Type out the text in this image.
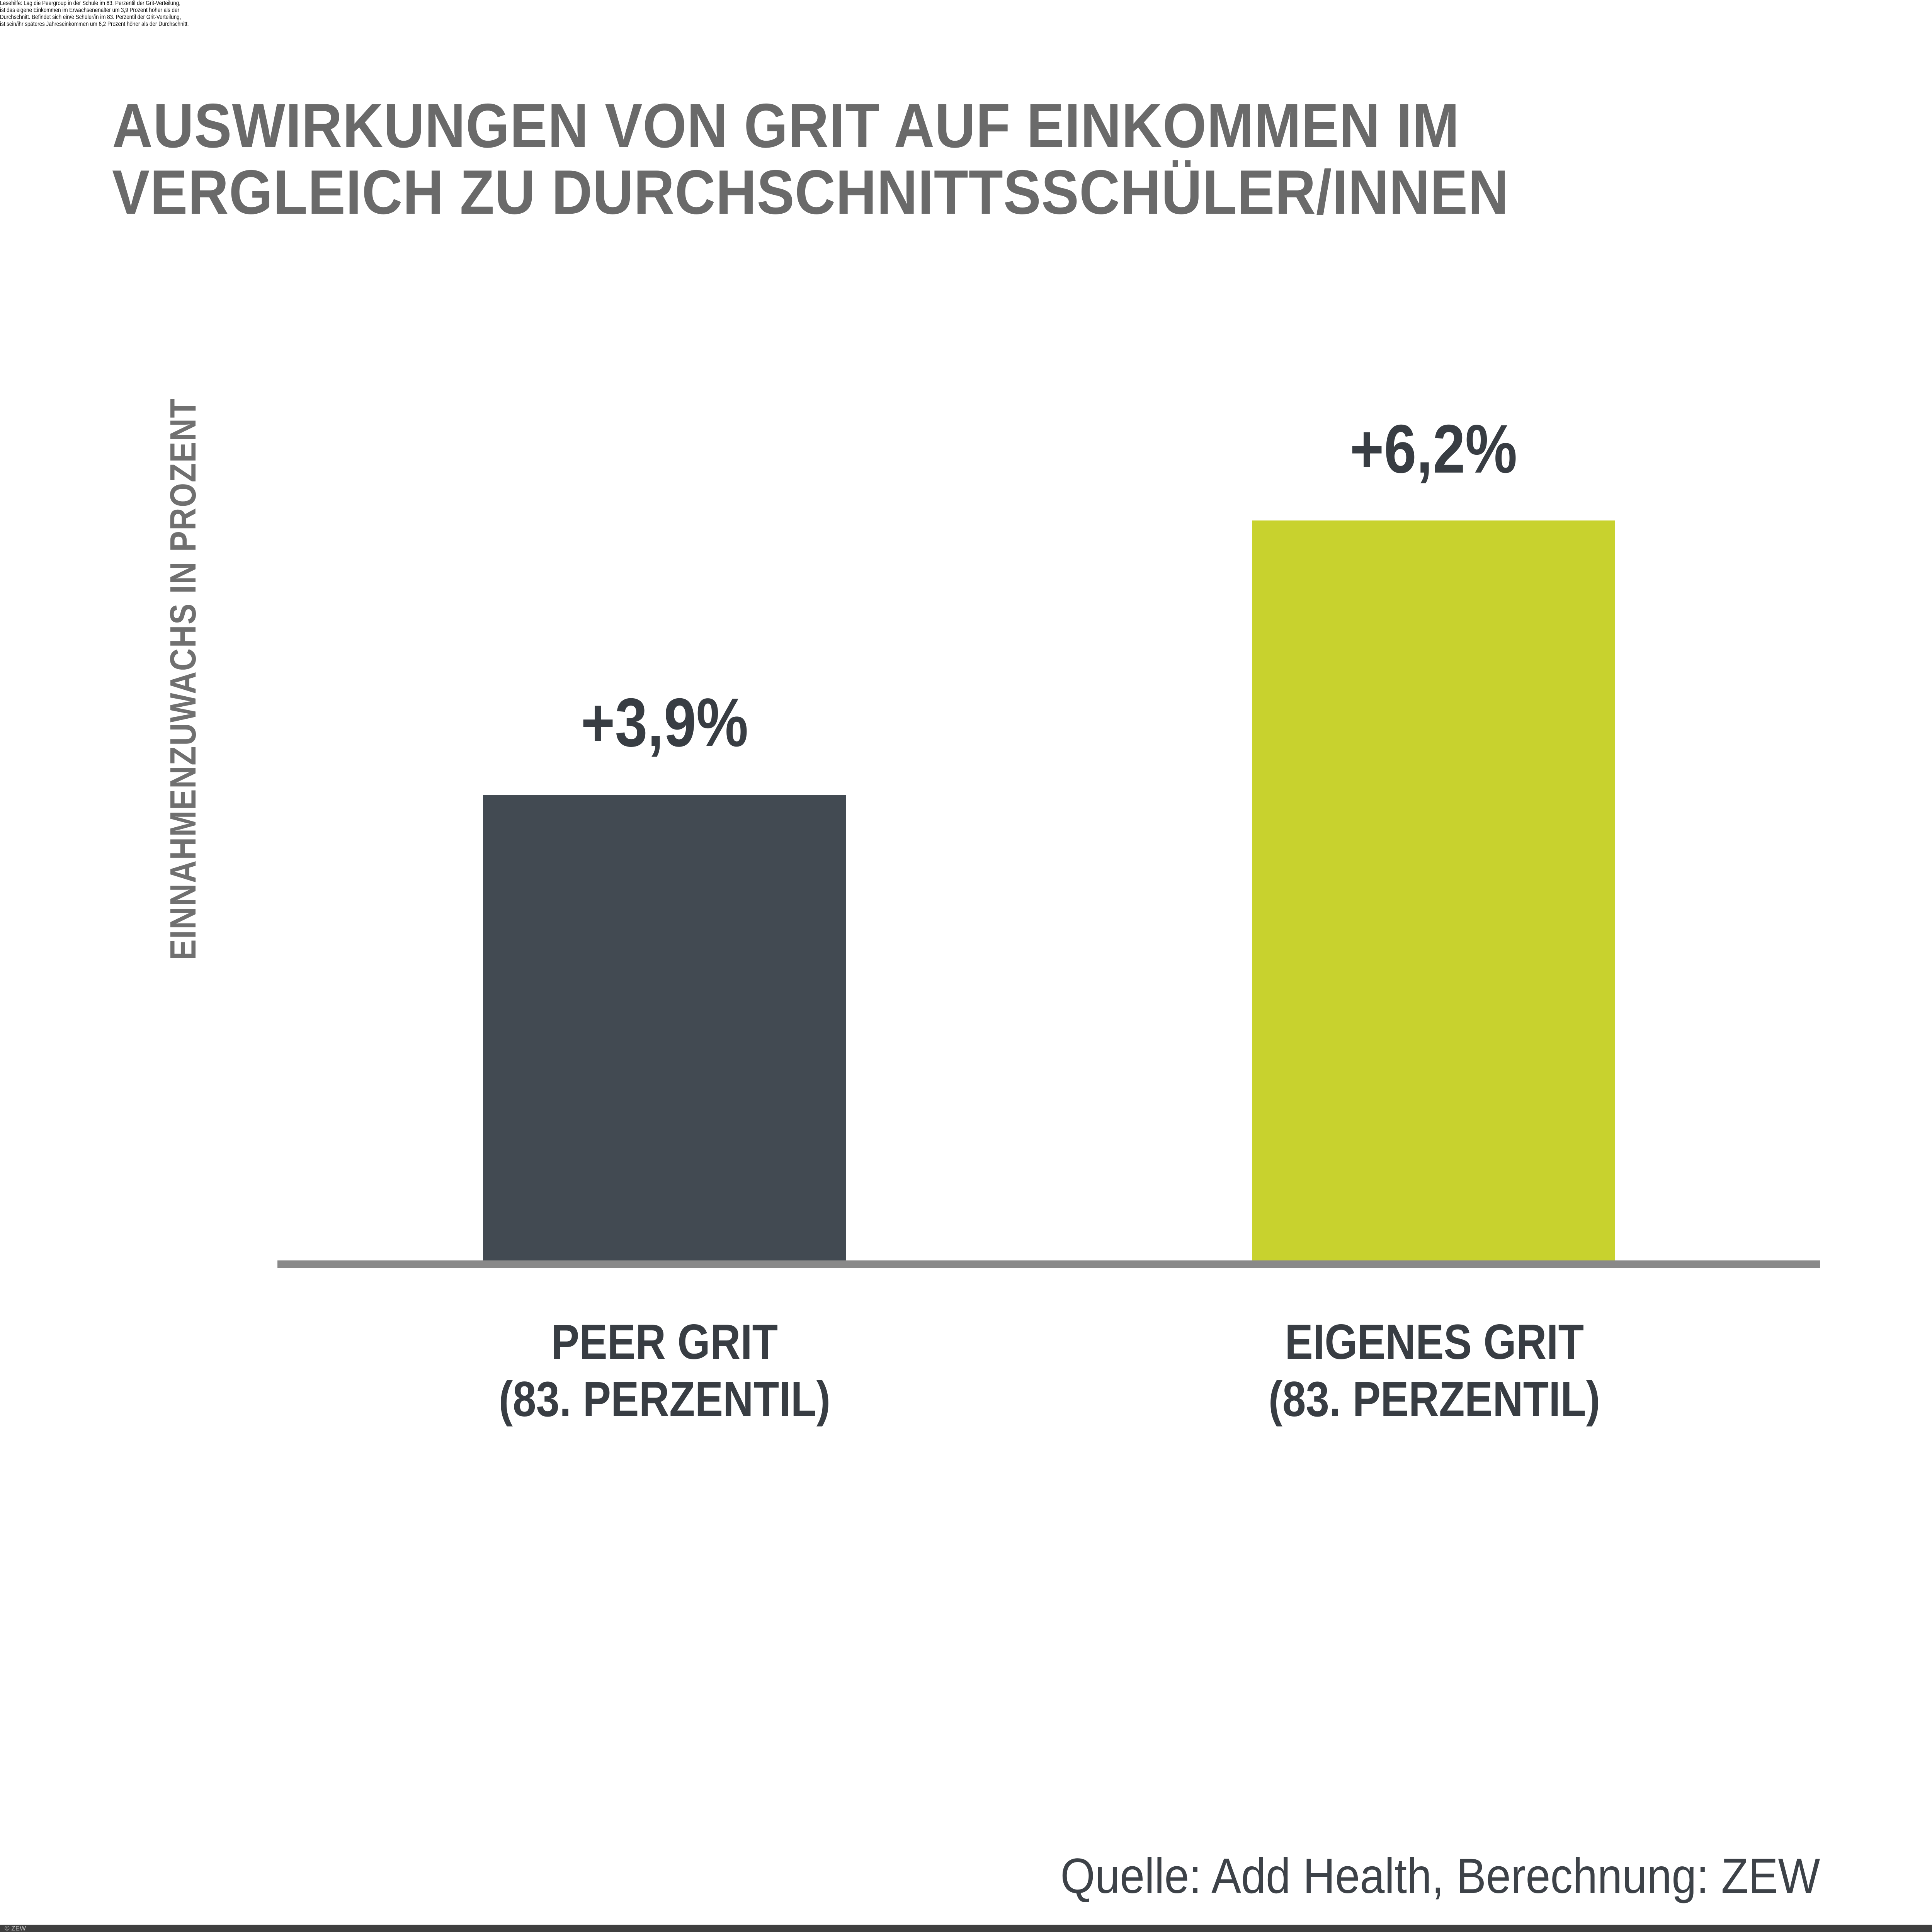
AUSWIRKUNGEN VON GRIT AUF EINKOMMEN IM
VERGLEICH ZU DURCHSCHNITTSSCHÜLER/INNEN
EINNAHMENZUWACHS IN PROZENT	+3,9%
+6,2%
PEER GRIT
(83. PERZENTIL)
EIGENES GRIT
(83. PERZENTIL)

Lesehilfe: Lag die Peergroup in der Schule im 83. Perzentil der Grit-Verteilung,
ist das eigene Einkommen im Erwachsenenalter um 3,9 Prozent höher als der
Durchschnitt. Befindet sich ein/e Schüler/in im 83. Perzentil der Grit-Verteilung,
ist sein/ihr späteres Jahreseinkommen um 6,2 Prozent höher als der Durchschnitt.

Quelle: Add Health, Berechnung: ZEW
© ZEW
